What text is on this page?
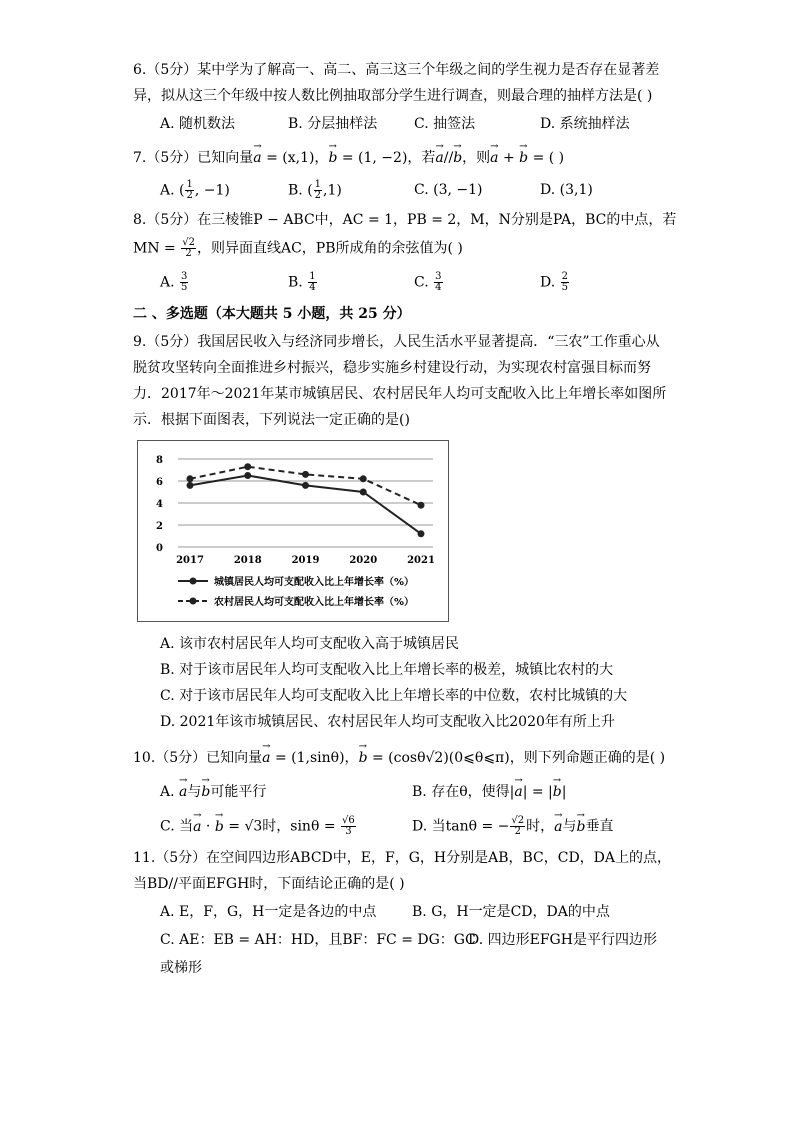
6.（5分）某中学为了解高一、高二、高三这三个年级之间的学生视力是否存在显著差
异，拟从这三个年级中按人数比例抽取部分学生进行调查，则最合理的抽样方法是( )
A. 随机数法	B. 分层抽样法	C. 抽签法	D. 系统抽样法
7.（5分）已知向量→ a = (x,1)，→ b = (1, −2)，若→ a//→ b，则→ a + → b = ( )
A. ( $\frac{1}{2}$ , −1)	B. ( $\frac{1}{2} ,1$)	C. (3, −1)	D. (3,1)
8.（5分）在三棱锥P − ABC中，AC = 1，PB = 2，M，N分别是PA，BC的中点，若
MN = $\frac{√2}{2}$ ，则异面直线AC，PB所成角的余弦值为( )
A. $\frac{3}{5}$	B. $\frac{1}{4}$	C. $\frac{3}{4}$	D. $\frac{2}{5}$
二 、多选题（本大题共 5 小题，共 25 分）
9.（5分）我国居民收入与经济同步增长，人民生活水平显著提高．“三农”工作重心从
脱贫攻坚转向全面推进乡村振兴，稳步实施乡村建设行动，为实现农村富强目标而努
力．2017年～2021年某市城镇居民、农村居民年人均可支配收入比上年增长率如图所
示．根据下面图表，下列说法一定正确的是()
0
2
4
6
8
2017	2018	2019	2020	2021
城镇居民人均可支配收入比上年增长率（%）
农村居民人均可支配收入比上年增长率（%）
A. 该市农村居民年人均可支配收入高于城镇居民
B. 对于该市居民年人均可支配收入比上年增长率的极差，城镇比农村的大
C. 对于该市居民年人均可支配收入比上年增长率的中位数，农村比城镇的大
D. 2021年该市城镇居民、农村居民年人均可支配收入比2020年有所上升
10.（5分）已知向量→ a = (1,sinθ)，→ b = (cosθ√2)(0⩽θ⩽π)，则下列命题正确的是( )
A. → a与→ b可能平行	B. 存在θ，使得|→ a| = |→ b|
C. 当→ a · → b = √3时，$\sin\theta = \frac{√6}{3}$	D. 当tanθ = − $\frac{√2}{2}$ 时，→ a与→ b垂直
11.（5分）在空间四边形ABCD中，E，F，G，H分别是AB，BC，CD，DA上的点，
当BD//平面EFGH时，下面结论正确的是( )
A. E，F，G，H一定是各边的中点	B. G，H一定是CD，DA的中点
C. AE：EB = AH：HD，且BF：FC = DG：GC
D. 四边形EFGH是平行四边形
或梯形
